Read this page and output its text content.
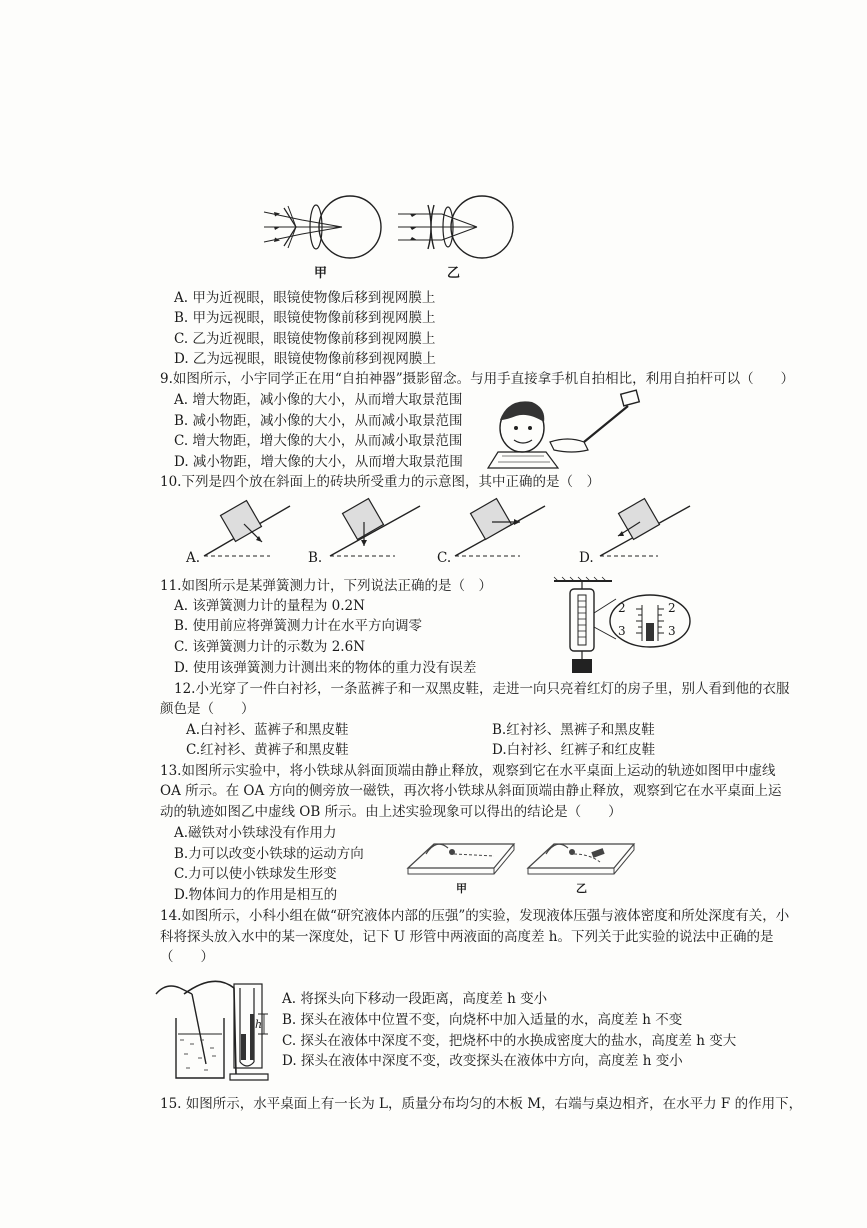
甲	乙
A. 甲为近视眼，眼镜使物像后移到视网膜上
B. 甲为远视眼，眼镜使物像前移到视网膜上
C. 乙为近视眼，眼镜使物像前移到视网膜上
D. 乙为远视眼，眼镜使物像前移到视网膜上
9.如图所示，小宇同学正在用“自拍神器”摄影留念。与用手直接拿手机自拍相比，利用自拍杆可以（　　）
A. 增大物距，减小像的大小，从而增大取景范围
B. 减小物距，减小像的大小，从而减小取景范围
C. 增大物距，增大像的大小，从而减小取景范围
D. 减小物距，增大像的大小，从而增大取景范围
10.下列是四个放在斜面上的砖块所受重力的示意图，其中正确的是（　）
A.	B.	C.	D.
11.如图所示是某弹簧测力计，下列说法正确的是（　）
A. 该弹簧测力计的量程为 0.2N
B. 使用前应将弹簧测力计在水平方向调零
C. 该弹簧测力计的示数为 2.6N
D. 使用该弹簧测力计测出来的物体的重力没有误差
2
3
2
3
12.小光穿了一件白衬衫，一条蓝裤子和一双黑皮鞋，走进一向只亮着红灯的房子里，别人看到他的衣服
颜色是（　　）
A.白衬衫、蓝裤子和黑皮鞋	B.红衬衫、黑裤子和黑皮鞋
C.红衬衫、黄裤子和黑皮鞋	D.白衬衫、红裤子和红皮鞋
13.如图所示实验中，将小铁球从斜面顶端由静止释放，观察到它在水平桌面上运动的轨迹如图甲中虚线
OA 所示。在 OA 方向的侧旁放一磁铁，再次将小铁球从斜面顶端由静止释放，观察到它在水平桌面上运
动的轨迹如图乙中虚线 OB 所示。由上述实验现象可以得出的结论是（　　）
A.磁铁对小铁球没有作用力
B.力可以改变小铁球的运动方向
C.力可以使小铁球发生形变
D.物体间力的作用是相互的	甲	乙
14.如图所示，小科小组在做“研究液体内部的压强”的实验，发现液体压强与液体密度和所处深度有关，小
科将探头放入水中的某一深度处，记下 U 形管中两液面的高度差 h。下列关于此实验的说法中正确的是
（　　）
h
A. 将探头向下移动一段距离，高度差 h 变小
B. 探头在液体中位置不变，向烧杯中加入适量的水，高度差 h 不变
C. 探头在液体中深度不变，把烧杯中的水换成密度大的盐水，高度差 h 变大
D. 探头在液体中深度不变，改变探头在液体中方向，高度差 h 变小
15. 如图所示，水平桌面上有一长为 L，质量分布均匀的木板 M，右端与桌边相齐，在水平力 F 的作用下，
